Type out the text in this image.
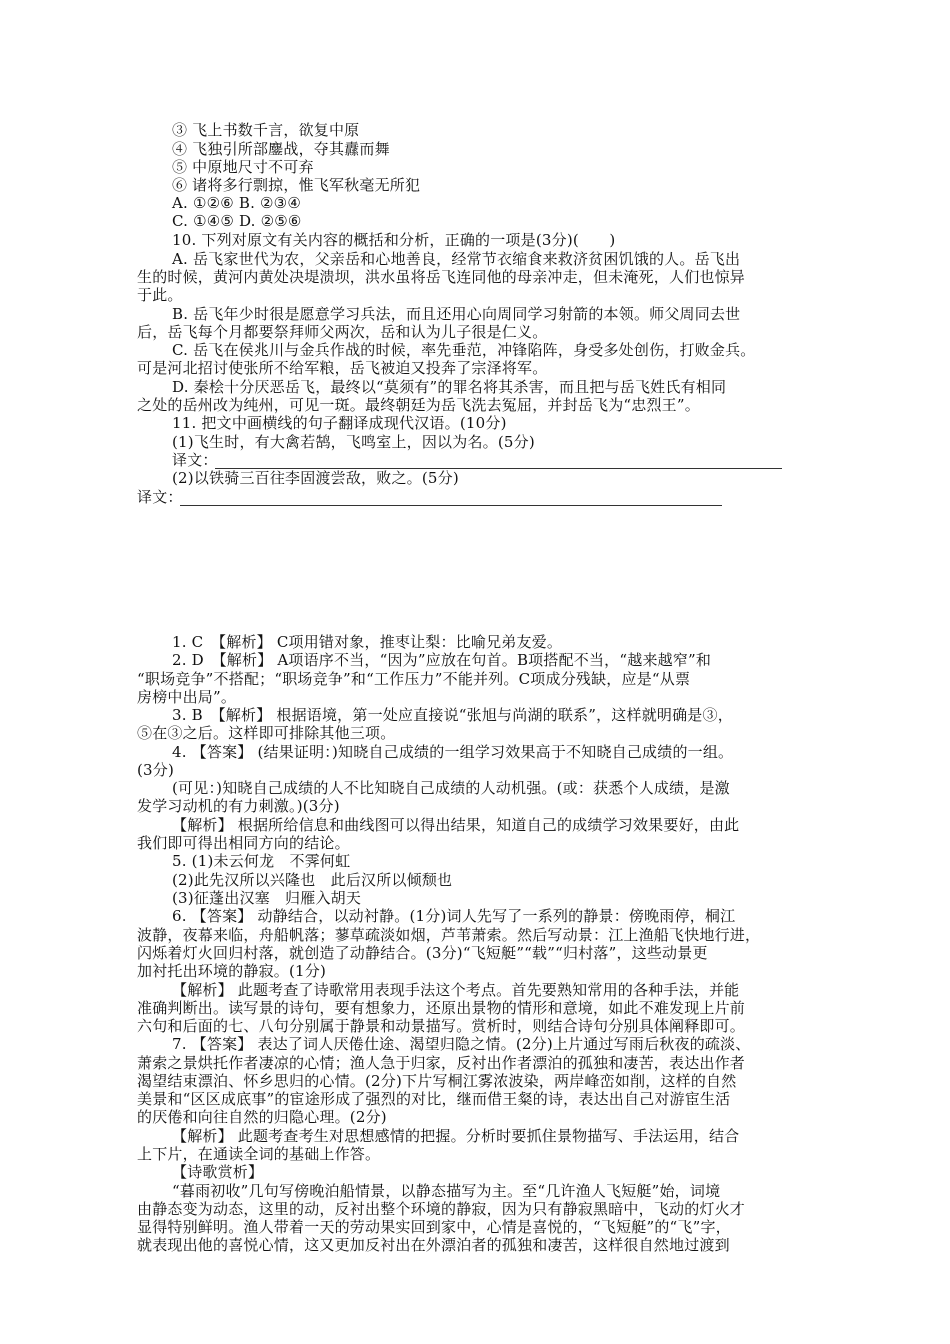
③ 飞上书数千言，欲复中原
④ 飞独引所部鏖战，夺其纛而舞
⑤ 中原地尺寸不可弃
⑥ 诸将多行剽掠，惟飞军秋毫无所犯
A. ①②⑥ B. ②③④
C. ①④⑤ D. ②⑤⑥
10. 下列对原文有关内容的概括和分析，正确的一项是(3分)(　　)
A. 岳飞家世代为农，父亲岳和心地善良，经常节衣缩食来救济贫困饥饿的人。岳飞出
生的时候，黄河内黄处决堤溃坝，洪水虽将岳飞连同他的母亲冲走，但未淹死，人们也惊异
于此。
B. 岳飞年少时很是愿意学习兵法，而且还用心向周同学习射箭的本领。师父周同去世
后，岳飞每个月都要祭拜师父两次，岳和认为儿子很是仁义。
C. 岳飞在侯兆川与金兵作战的时候，率先垂范，冲锋陷阵，身受多处创伤，打败金兵。
可是河北招讨使张所不给军粮，岳飞被迫又投奔了宗泽将军。
D. 秦桧十分厌恶岳飞，最终以“莫须有”的罪名将其杀害，而且把与岳飞姓氏有相同
之处的岳州改为纯州，可见一斑。最终朝廷为岳飞洗去冤屈，并封岳飞为“忠烈王”。
11. 把文中画横线的句子翻译成现代汉语。(10分)
(1)飞生时，有大禽若鹄，飞鸣室上，因以为名。(5分)
译文：
(2)以铁骑三百往李固渡尝敌，败之。(5分)
译文：
1. C　【解析】 C项用错对象，推枣让梨：比喻兄弟友爱。
2. D　【解析】 A项语序不当，“因为”应放在句首。B项搭配不当，“越来越窄”和
“职场竞争”不搭配；“职场竞争”和“工作压力”不能并列。C项成分残缺，应是“从票
房榜中出局”。
3. B　【解析】 根据语境，第一处应直接说“张旭与尚湖的联系”，这样就明确是③，
⑤在③之后。这样即可排除其他三项。
4. 【答案】 (结果证明：)知晓自己成绩的一组学习效果高于不知晓自己成绩的一组。
(3分)
(可见：)知晓自己成绩的人不比知晓自己成绩的人动机强。(或：获悉个人成绩，是激
发学习动机的有力刺激。)(3分)
【解析】 根据所给信息和曲线图可以得出结果，知道自己的成绩学习效果要好，由此
我们即可得出相同方向的结论。
5. (1)未云何龙　不霁何虹
(2)此先汉所以兴隆也　此后汉所以倾颓也
(3)征蓬出汉塞　归雁入胡天
6. 【答案】 动静结合，以动衬静。(1分)词人先写了一系列的静景：傍晚雨停，桐江
波静，夜幕来临，舟船帆落；蓼草疏淡如烟，芦苇萧索。然后写动景：江上渔船飞快地行进，
闪烁着灯火回归村落，就创造了动静结合。(3分)“飞短艇”“载”“归村落”，这些动景更
加衬托出环境的静寂。(1分)
【解析】 此题考查了诗歌常用表现手法这个考点。首先要熟知常用的各种手法，并能
准确判断出。读写景的诗句，要有想象力，还原出景物的情形和意境，如此不难发现上片前
六句和后面的七、八句分别属于静景和动景描写。赏析时，则结合诗句分别具体阐释即可。
7. 【答案】 表达了词人厌倦仕途、渴望归隐之情。(2分)上片通过写雨后秋夜的疏淡、
萧索之景烘托作者凄凉的心情；渔人急于归家，反衬出作者漂泊的孤独和凄苦，表达出作者
渴望结束漂泊、怀乡思归的心情。(2分)下片写桐江雾浓波染，两岸峰峦如削，这样的自然
美景和“区区成底事”的宦途形成了强烈的对比，继而借王粲的诗，表达出自己对游宦生活
的厌倦和向往自然的归隐心理。(2分)
【解析】 此题考查考生对思想感情的把握。分析时要抓住景物描写、手法运用，结合
上下片，在通读全词的基础上作答。
【诗歌赏析】
“暮雨初收”几句写傍晚泊船情景，以静态描写为主。至“几许渔人飞短艇”始，词境
由静态变为动态，这里的动，反衬出整个环境的静寂，因为只有静寂黑暗中，飞动的灯火才
显得特别鲜明。渔人带着一天的劳动果实回到家中，心情是喜悦的，“飞短艇”的“飞”字，
就表现出他的喜悦心情，这又更加反衬出在外漂泊者的孤独和凄苦，这样很自然地过渡到
